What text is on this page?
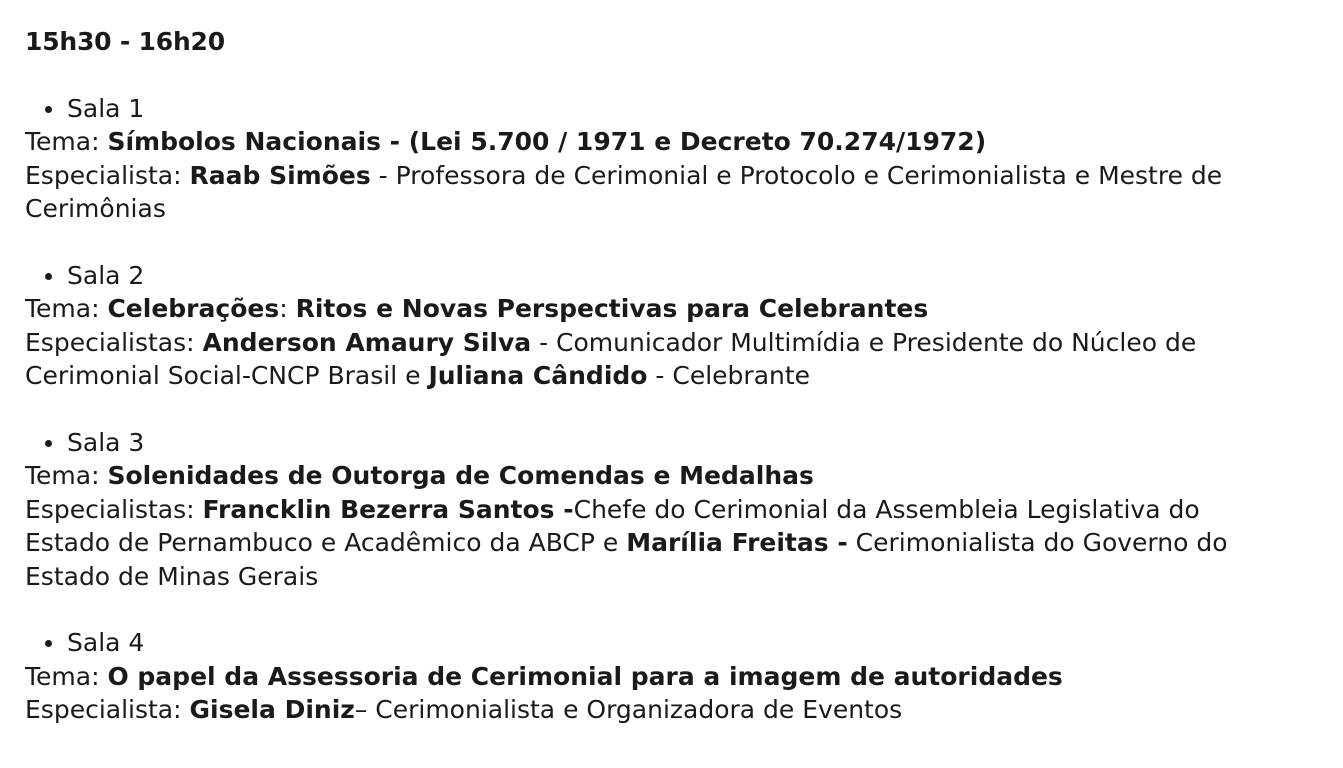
15h30 - 16h20
Sala 1

Tema: Símbolos Nacionais - (Lei 5.700 / 1971 e Decreto 70.274/1972)

Especialista: Raab Simões - Professora de Cerimonial e Protocolo e Cerimonialista e Mestre de Cerimônias

Sala 2

Tema: Celebrações: Ritos e Novas Perspectivas para Celebrantes

Especialistas: Anderson Amaury Silva - Comunicador Multimídia e Presidente do Núcleo de Cerimonial Social-CNCP Brasil e Juliana Cândido - Celebrante

Sala 3

Tema: Solenidades de Outorga de Comendas e Medalhas

Especialistas: Francklin Bezerra Santos -Chefe do Cerimonial da Assembleia Legislativa do Estado de Pernambuco e Acadêmico da ABCP e Marília Freitas - Cerimonialista do Governo do Estado de Minas Gerais

Sala 4

Tema: O papel da Assessoria de Cerimonial para a imagem de autoridades

Especialista: Gisela Diniz– Cerimonialista e Organizadora de Eventos
